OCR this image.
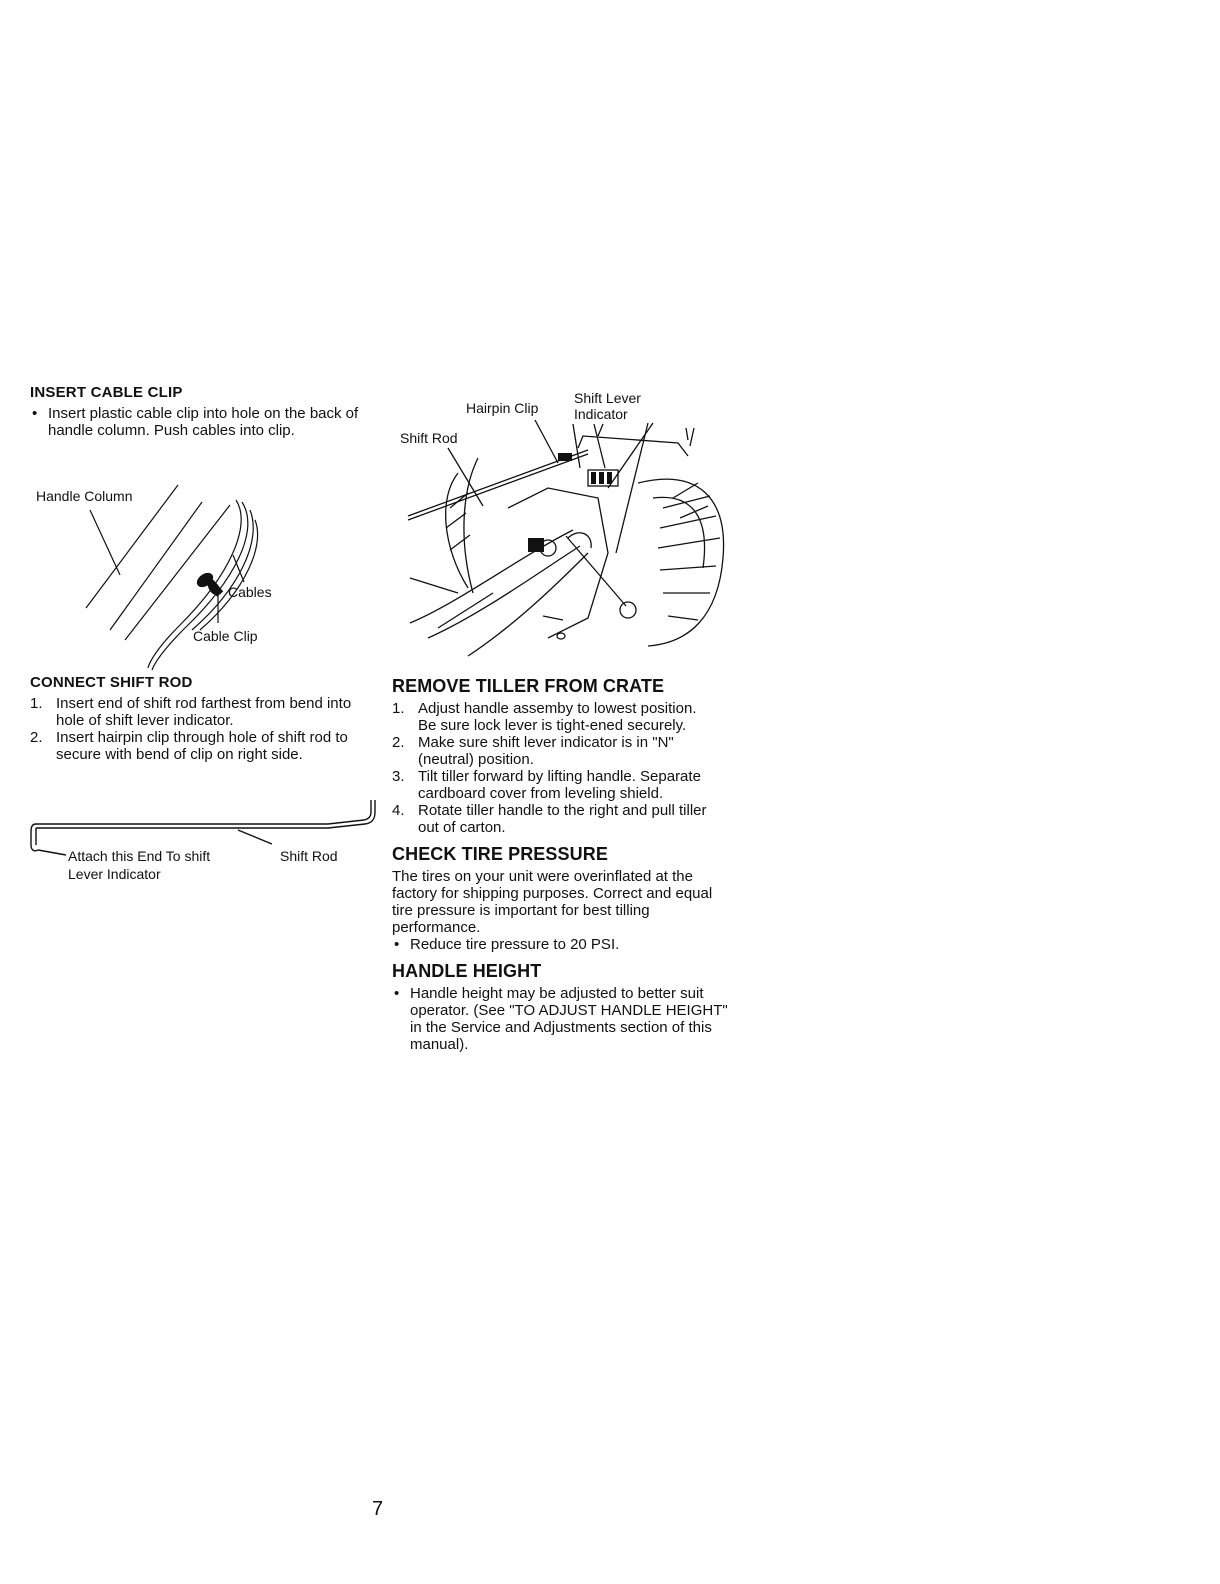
INSERT CABLE CLIP
• Insert plastic cable clip into hole on the back of handle column. Push cables into clip.
Handle Column
Cables
Cable Clip
CONNECT SHIFT ROD
1. Insert end of shift rod farthest from bend into hole of shift lever indicator.
2. Insert hairpin clip through hole of shift rod to secure with bend of clip on right side.
Attach this End To shift
Lever Indicator
Shift Rod
Hairpin Clip
Shift Lever
Indicator
Shift Rod
REMOVE TILLER FROM CRATE
1. Adjust handle assemby to lowest position. Be sure lock lever is tight-ened securely.
2. Make sure shift lever indicator is in "N" (neutral) position.
3. Tilt tiller forward by lifting handle. Separate cardboard cover from leveling shield.
4. Rotate tiller handle to the right and pull tiller out of carton.
CHECK TIRE PRESSURE

The tires on your unit were overinflated at the factory for shipping purposes. Correct and equal tire pressure is important for best tilling performance.

• Reduce tire pressure to 20 PSI.
HANDLE HEIGHT
• Handle height may be adjusted to better suit operator. (See "TO ADJUST HANDLE HEIGHT" in the Service and Adjustments section of this manual).
7
